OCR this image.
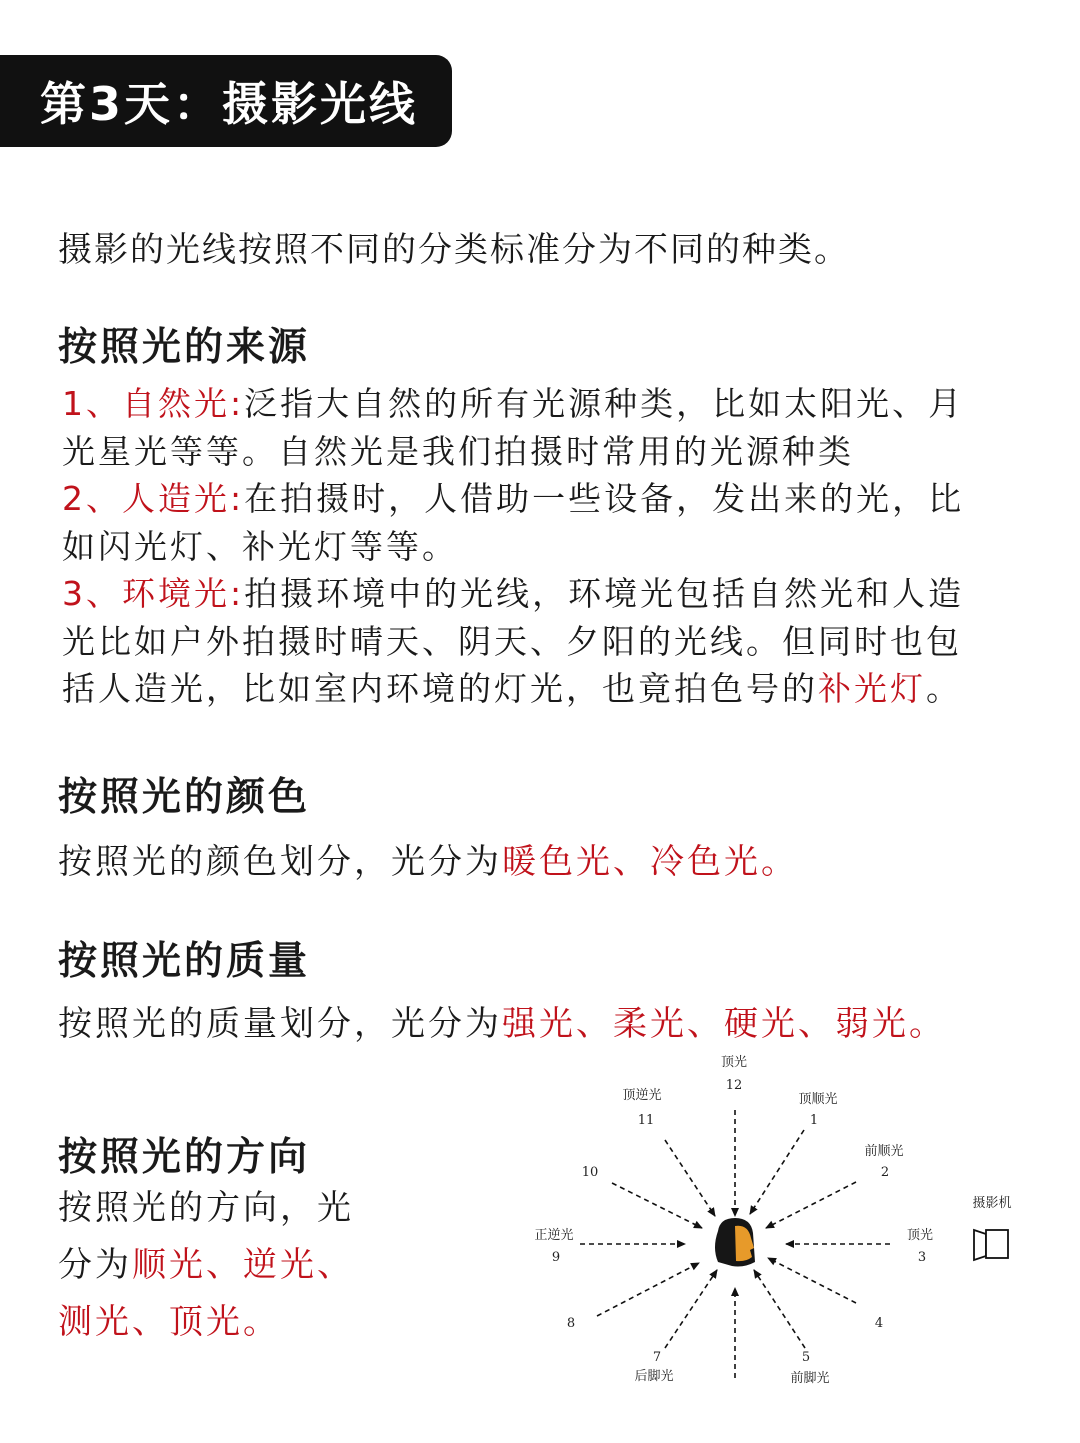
第3天：摄影光线
摄影的光线按照不同的分类标准分为不同的种类。
按照光的来源
1、自然光:泛指大自然的所有光源种类，比如太阳光、月
光星光等等。自然光是我们拍摄时常用的光源种类
2、人造光:在拍摄时，人借助一些设备，发出来的光，比
如闪光灯、补光灯等等。
3、环境光:拍摄环境中的光线，环境光包括自然光和人造
光比如户外拍摄时晴天、阴天、夕阳的光线。但同时也包
括人造光，比如室内环境的灯光，也竟拍色号的补光灯。
按照光的颜色
按照光的颜色划分，光分为暖色光、冷色光。
按照光的质量
按照光的质量划分，光分为强光、柔光、硬光、弱光。
按照光的方向
按照光的方向，光
分为顺光、逆光、
测光、顶光。
顶光
12
顶逆光
11
顶顺光
1
前顺光
2
10
正逆光
9
顶光
3
摄影机
8	4
7
后脚光
5
前脚光
